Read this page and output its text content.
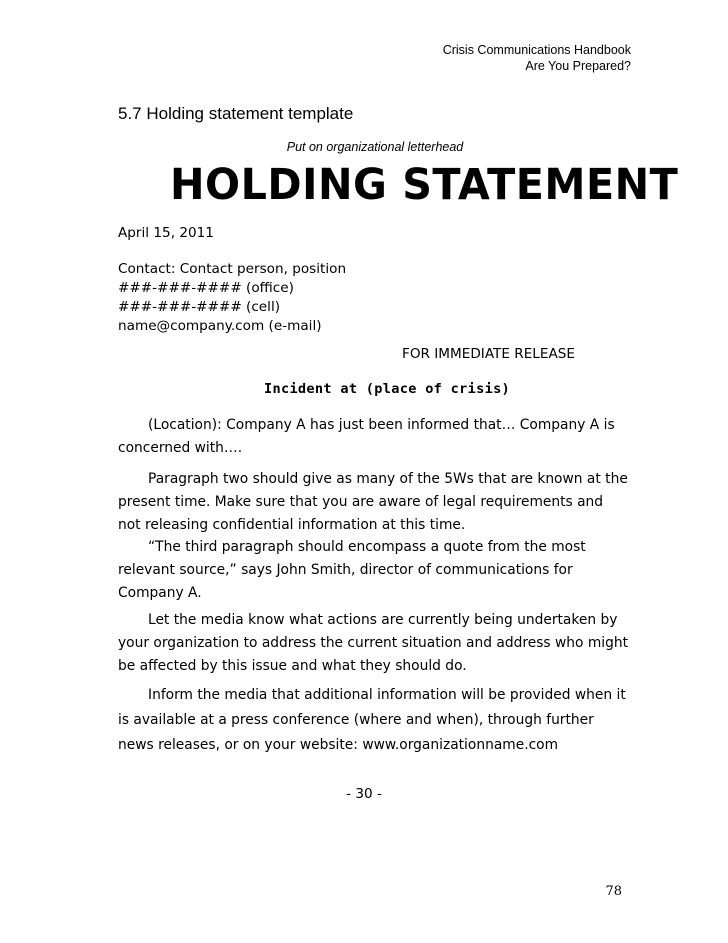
Crisis Communications Handbook
Are You Prepared?
5.7 Holding statement template
Put on organizational letterhead
HOLDING STATEMENT
April 15, 2011
Contact: Contact person, position
###-###-#### (office)
###-###-#### (cell)
name@company.com (e-mail)
FOR IMMEDIATE RELEASE
Incident at (place of crisis)
(Location): Company A has just been informed that… Company A is concerned with….
Paragraph two should give as many of the 5Ws that are known at the present time. Make sure that you are aware of legal requirements and not releasing confidential information at this time.
“The third paragraph should encompass a quote from the most relevant source,” says John Smith, director of communications for Company A.
Let the media know what actions are currently being undertaken by your organization to address the current situation and address who might be affected by this issue and what they should do.
Inform the media that additional information will be provided when it is available at a press conference (where and when), through further news releases, or on your website: www.organizationname.com
- 30 -
78
